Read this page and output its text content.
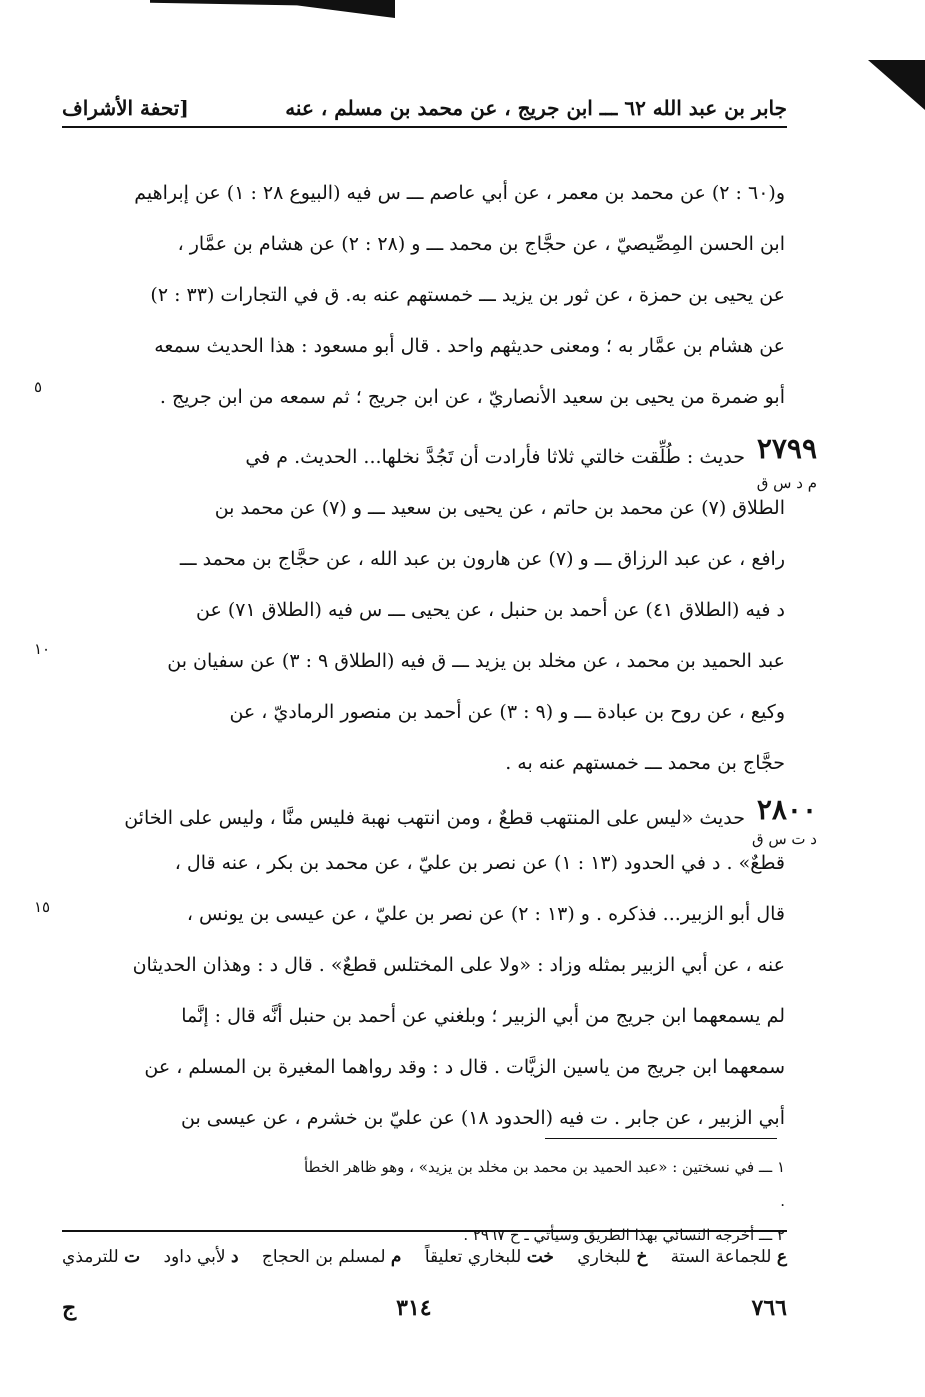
جابر بن عبد الله ٦٢ ـــ ابن جريج ، عن محمد بن مسلم ، عنه
[تحفة الأشراف
و(٦٠ : ٢) عن محمد بن معمر ، عن أبي عاصم ـــ س فيه (البيوع ٢٨ : ١) عن إبراهيم
ابن الحسن المِصِّيصيّ ، عن حجَّاج بن محمد ـــ و (٢٨ : ٢) عن هشام بن عمَّار ،
عن يحيى بن حمزة ، عن ثور بن يزيد ـــ خمستهم عنه به. ق في التجارات (٣٣ : ٢)
عن هشام بن عمَّار به ؛ ومعنى حديثهم واحد . قال أبو مسعود : هذا الحديث سمعه
أبو ضمرة من يحيى بن سعيد الأنصاريّ ، عن ابن جريج ؛ ثم سمعه من ابن جريج .
٥
٢٧٩٩
م د س ق
حديث : طُلِّقت خالتي ثلاثا فأرادت أن تَجُدَّ نخلها... الحديث. م في
الطلاق (٧) عن محمد بن حاتم ، عن يحيى بن سعيد ـــ و (٧) عن محمد بن
رافع ، عن عبد الرزاق ـــ و (٧) عن هارون بن عبد الله ، عن حجَّاج بن محمد ـــ
د فيه (الطلاق ٤١) عن أحمد بن حنبل ، عن يحيى ـــ س فيه (الطلاق ٧١) عن
عبد الحميد بن محمد ، عن مخلد بن يزيد ـــ ق فيه (الطلاق ٩ : ٣) عن سفيان بن
وكيع ، عن روح بن عبادة ـــ و (٩ : ٣) عن أحمد بن منصور الرماديّ ، عن
حجَّاج بن محمد ـــ خمستهم عنه به .
١٠
٢٨٠٠
د ت س ق
حديث «ليس على المنتهب قطعٌ ، ومن انتهب نهبة فليس منَّا ، وليس على الخائن
قطعٌ» . د في الحدود (١٣ : ١) عن نصر بن عليّ ، عن محمد بن بكر ، عنه قال ،
قال أبو الزبير... فذكره . و (١٣ : ٢) عن نصر بن عليّ ، عن عيسى بن يونس ،
عنه ، عن أبي الزبير بمثله وزاد : «ولا على المختلس قطعٌ» . قال د : وهذان الحديثان
لم يسمعهما ابن جريج من أبي الزبير ؛ وبلغني عن أحمد بن حنبل أنَّه قال : إنَّما
سمعهما ابن جريج من ياسين الزيَّات . قال د : وقد رواهما المغيرة بن المسلم ، عن
أبي الزبير ، عن جابر . ت فيه (الحدود ١٨) عن عليّ بن خشرم ، عن عيسى بن
١٥
١ ـــ في نسختين : «عبد الحميد بن محمد بن مخلد بن يزيد» ، وهو ظاهر الخطأ .
٢ ـــ أخرجه النسائي بهذا الطريق وسيأتي ـ ح ٢٩٦٧ .
ع للجماعة الستة
خ للبخاري
خت للبخاري تعليقاً
م لمسلم بن الحجاج
د لأبي داود
ت للترمذي
٧٦٦
٣١٤
ج
